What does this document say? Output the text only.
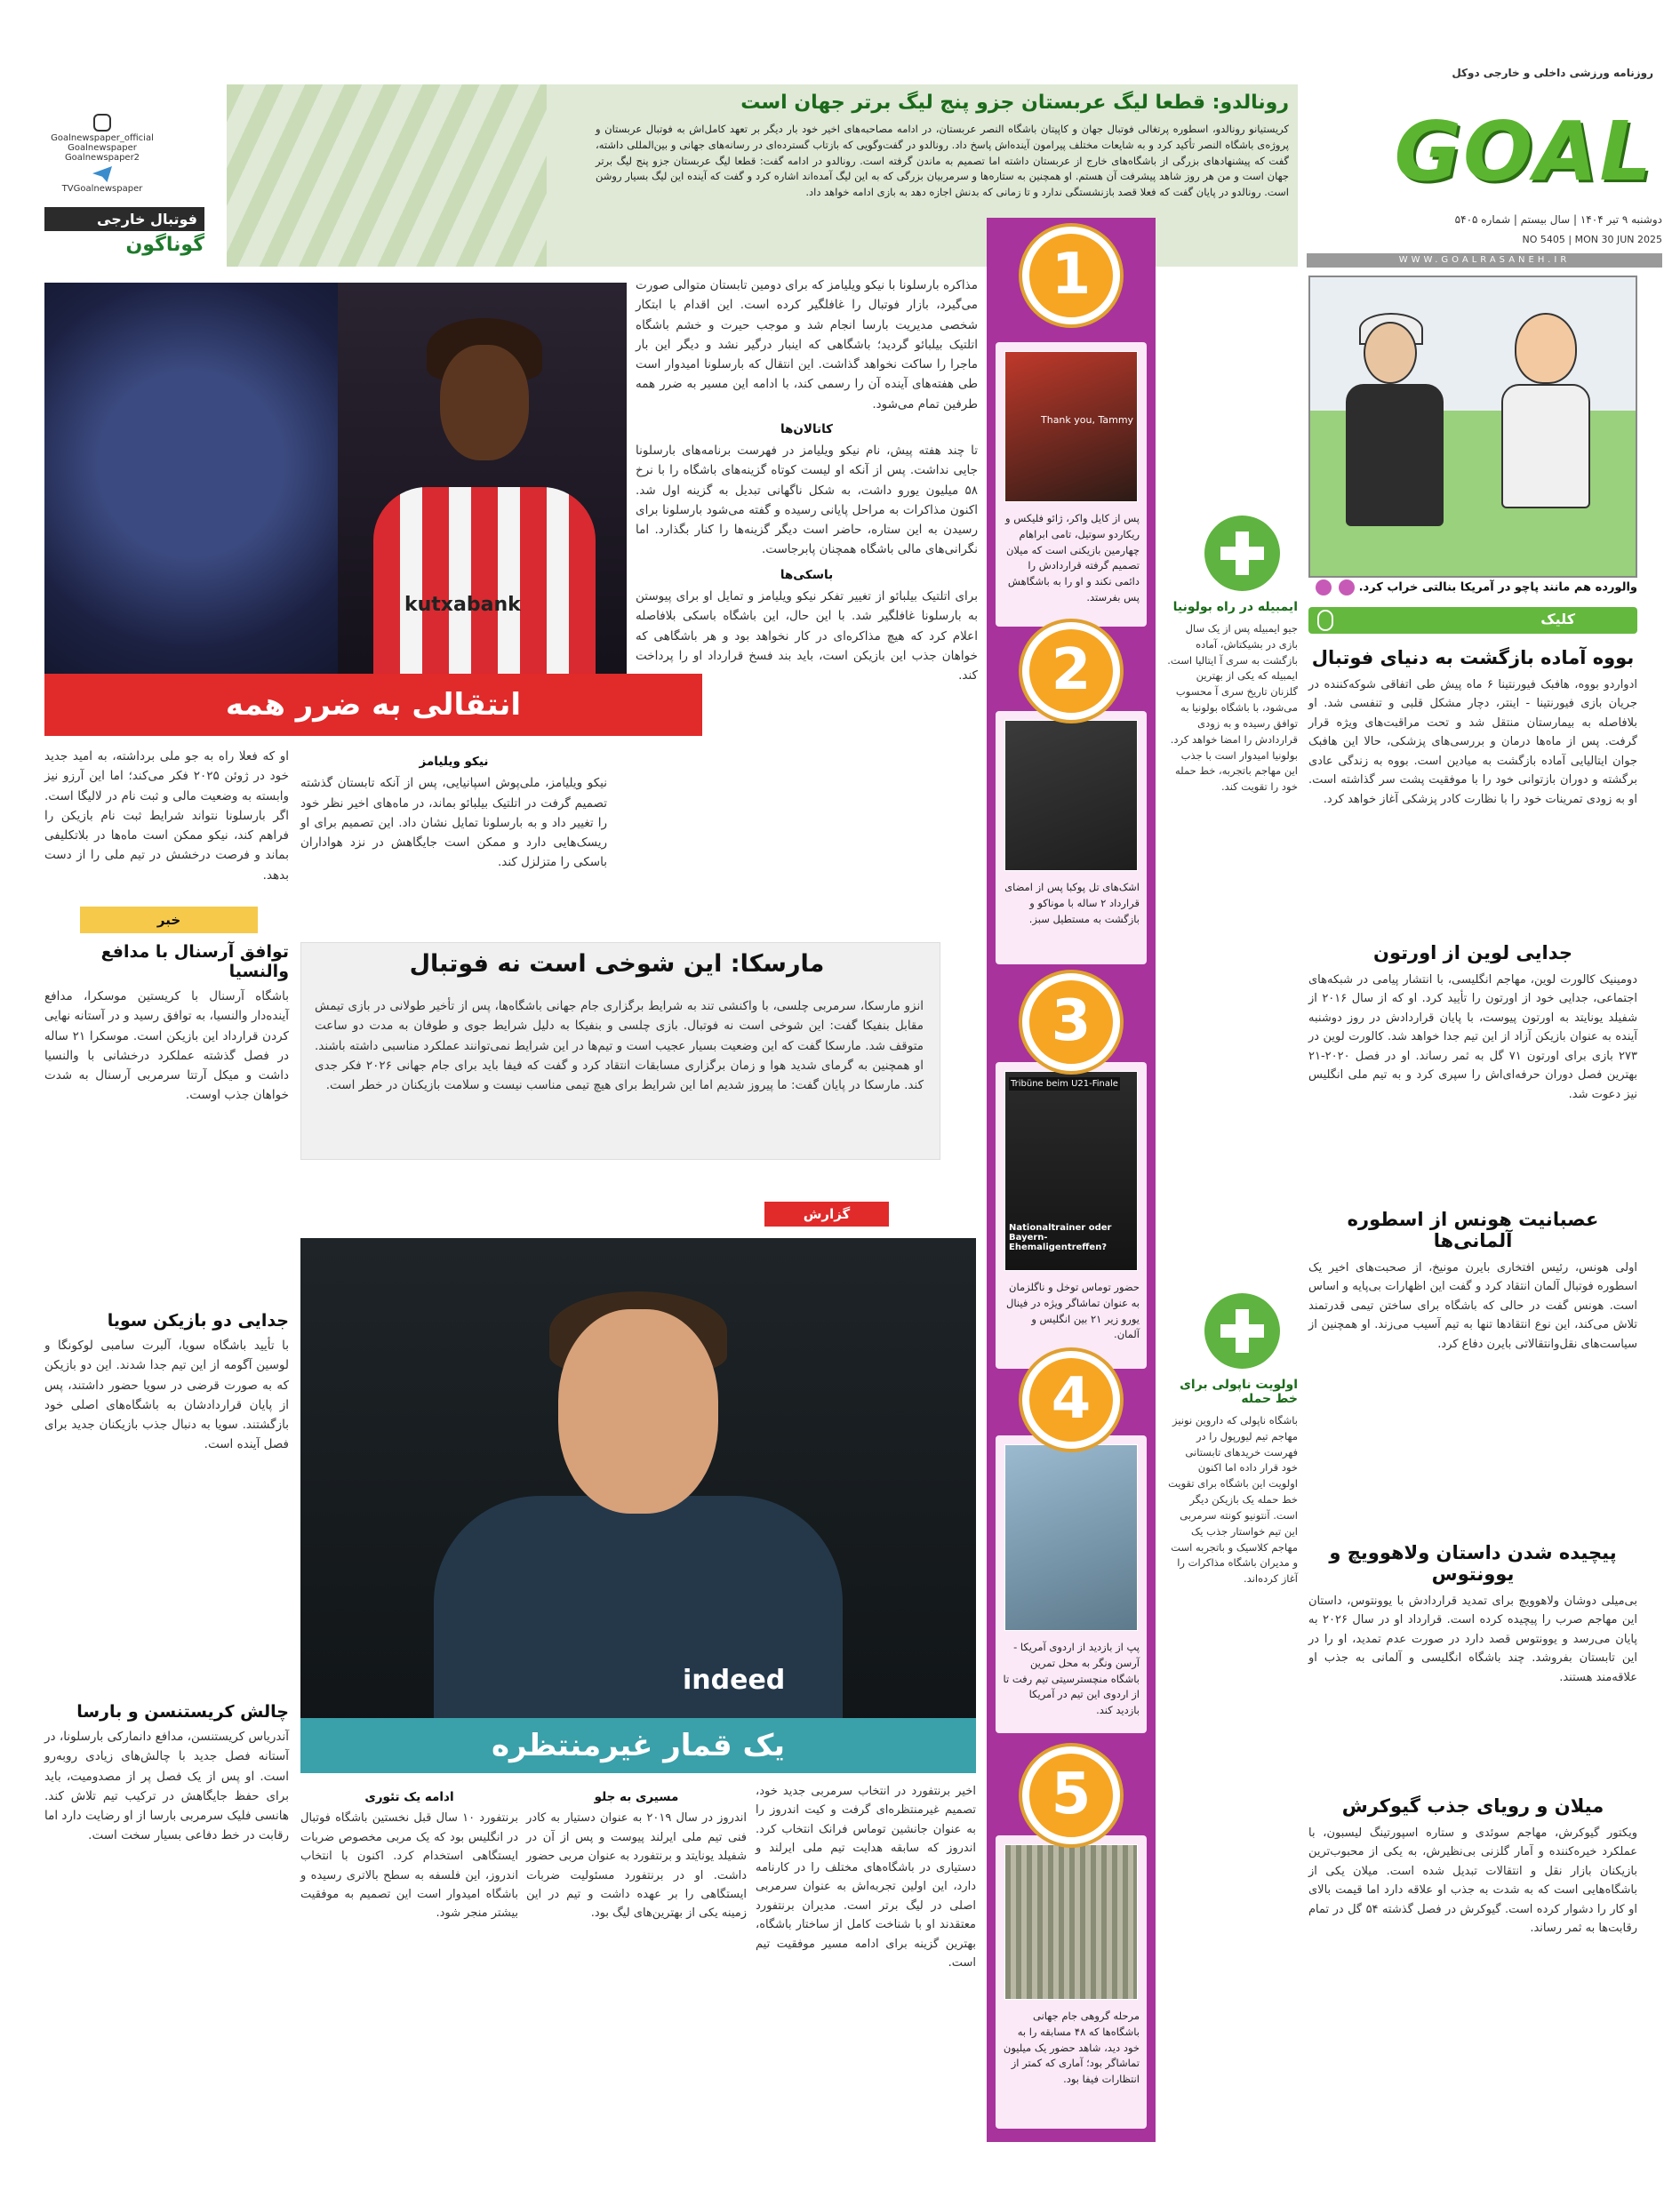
روزنامه ورزشی داخلی و خارجی دوکل
GOAL
دوشنبه ۹ تیر ۱۴۰۴ | سال بیستم | شماره ۵۴۰۵
NO 5405 | MON 30 JUN 2025
WWW.GOALRASANEH.IR
رونالدو: قطعا لیگ عربستان جزو پنج لیگ برتر جهان است
کریستیانو رونالدو، اسطوره پرتغالی فوتبال جهان و کاپیتان باشگاه النصر عربستان، در ادامه مصاحبه‌های اخیر خود بار دیگر بر تعهد کامل‌اش به فوتبال عربستان و پروژه‌ی باشگاه النصر تأکید کرد و به شایعات مختلف پیرامون آینده‌اش پاسخ داد. رونالدو در گفت‌وگویی که بازتاب گسترده‌ای در رسانه‌های جهانی و بین‌المللی داشته، گفت که پیشنهادهای بزرگی از باشگاه‌های خارج از عربستان داشته اما تصمیم به ماندن گرفته است. رونالدو در ادامه گفت: قطعا لیگ عربستان جزو پنج لیگ برتر جهان است و من هر روز شاهد پیشرفت آن هستم. او همچنین به ستاره‌ها و سرمربیان بزرگی که به این لیگ آمده‌اند اشاره کرد و گفت که آینده این لیگ بسیار روشن است. رونالدو در پایان گفت که فعلا قصد بازنشستگی ندارد و تا زمانی که بدنش اجازه دهد به بازی ادامه خواهد داد.
Goalnewspaper_official
Goalnewspaper
Goalnewspaper2
TVGoalnewspaper
فوتبال خارجی
گوناگون
والورده هم مانند پاچو در آمریکا بنالتی خراب کرد.
کلیک
بووه آماده بازگشت به دنیای فوتبال
ادواردو بووه، هافبک فیورنتینا ۶ ماه پیش طی اتفاقی شوکه‌کننده در جریان بازی فیورنتینا - اینتر، دچار مشکل قلبی و تنفسی شد. او بلافاصله به بیمارستان منتقل شد و تحت مراقبت‌های ویژه قرار گرفت. پس از ماه‌ها درمان و بررسی‌های پزشکی، حالا این هافبک جوان ایتالیایی آماده بازگشت به میادین است. بووه به زندگی عادی برگشته و دوران بازتوانی خود را با موفقیت پشت سر گذاشته است. او به زودی تمرینات خود را با نظارت کادر پزشکی آغاز خواهد کرد.
جدایی لوین از اورتون
دومینیک کالورت لوین، مهاجم انگلیسی، با انتشار پیامی در شبکه‌های اجتماعی، جدایی خود از اورتون را تأیید کرد. او که از سال ۲۰۱۶ از شفیلد یونایتد به اورتون پیوست، با پایان قراردادش در روز دوشنبه آینده به عنوان بازیکن آزاد از این تیم جدا خواهد شد. کالورت لوین در ۲۷۳ بازی برای اورتون ۷۱ گل به ثمر رساند. او در فصل ۲۰۲۰-۲۱ بهترین فصل دوران حرفه‌ای‌اش را سپری کرد و به تیم ملی انگلیس نیز دعوت شد.
عصبانیت هونس از اسطوره آلمانی‌ها
اولی هونس، رئیس افتخاری بایرن مونیخ، از صحبت‌های اخیر یک اسطوره فوتبال آلمان انتقاد کرد و گفت این اظهارات بی‌پایه و اساس است. هونس گفت در حالی که باشگاه برای ساختن تیمی قدرتمند تلاش می‌کند، این نوع انتقادها تنها به تیم آسیب می‌زند. او همچنین از سیاست‌های نقل‌وانتقالاتی بایرن دفاع کرد.
پیچیده شدن داستان ولاهوویچ و یوونتوس
بی‌میلی دوشان ولاهوویچ برای تمدید قراردادش با یوونتوس، داستان این مهاجم صرب را پیچیده کرده است. قرارداد او در سال ۲۰۲۶ به پایان می‌رسد و یوونتوس قصد دارد در صورت عدم تمدید، او را در این تابستان بفروشد. چند باشگاه انگلیسی و آلمانی به جذب او علاقه‌مند هستند.
میلان و رویای جذب گیوکرش
ویکتور گیوکرش، مهاجم سوئدی و ستاره اسپورتینگ لیسبون، با عملکرد خیره‌کننده و آمار گلزنی بی‌نظیرش، به یکی از محبوب‌ترین بازیکنان بازار نقل و انتقالات تبدیل شده است. میلان یکی از باشگاه‌هایی است که به شدت به جذب او علاقه دارد اما قیمت بالای او کار را دشوار کرده است. گیوکرش در فصل گذشته ۵۴ گل در تمام رقابت‌ها به ثمر رساند.
Thank you, Tammy
پس از کایل واکر، ژائو فلیکس و ریکاردو سوتیل، تامی ابراهام چهارمین بازیکنی است که میلان تصمیم گرفته قراردادش را دائمی نکند و او را به باشگاهش پس بفرستد.
1
اشک‌های تل پوکبا پس از امضای قرارداد ۲ ساله با موناکو و بازگشت به مستطیل سبز.
2
Tribüne beim U21-Finale
Nationaltrainer oder Bayern-Ehemaligentreffen?
حضور توماس توخل و ناگلزمان به عنوان تماشاگر ویژه در فینال یورو زیر ۲۱ بین انگلیس و آلمان.
3
پپ از بازدید از اردوی آمریکا - آرسن ونگر به محل تمرین باشگاه منچسترسیتی تیم رفت تا از اردوی این تیم در آمریکا بازدید کند.
4
مرحله گروهی جام جهانی باشگاه‌ها که ۴۸ مسابقه را به خود دید، شاهد حضور یک میلیون تماشاگر بود؛ آماری که کمتر از انتظارات فیفا بود.
5
ایمبیله در راه بولونیا
جیو ایمبیله پس از یک سال بازی در بشیکتاش، آماده بازگشت به سری آ ایتالیا است. ایمبیله که یکی از بهترین گلزنان تاریخ سری آ محسوب می‌شود، با باشگاه بولونیا به توافق رسیده و به زودی قراردادش را امضا خواهد کرد. بولونیا امیدوار است با جذب این مهاجم باتجربه، خط حمله خود را تقویت کند.
اولویت ناپولی برای خط حمله
باشگاه ناپولی که داروین نونیز مهاجم تیم لیورپول را در فهرست خریدهای تابستانی خود قرار داده اما اکنون اولویت این باشگاه برای تقویت خط حمله یک بازیکن دیگر است. آنتونیو کونته سرمربی این تیم خواستار جذب یک مهاجم کلاسیک و باتجربه است و مدیران باشگاه مذاکرات را آغاز کرده‌اند.
kutxabank
انتقالی به ضرر همه

مذاکره بارسلونا با نیکو ویلیامز که برای دومین تابستان متوالی صورت می‌گیرد، بازار فوتبال را غافلگیر کرده است. این اقدام با ابتکار شخصی مدیریت بارسا انجام شد و موجب حیرت و خشم باشگاه اتلتیک بیلبائو گردید؛ باشگاهی که اینبار درگیر نشد و دیگر این بار ماجرا را ساکت نخواهد گذاشت. این انتقال که بارسلونا امیدوار است طی هفته‌های آینده آن را رسمی کند، با ادامه این مسیر به ضرر همه طرفین تمام می‌شود.

کاتالان‌ها

تا چند هفته پیش، نام نیکو ویلیامز در فهرست برنامه‌های بارسلونا جایی نداشت. پس از آنکه او لیست کوتاه گزینه‌های باشگاه را با نرخ ۵۸ میلیون یورو داشت، به شکل ناگهانی تبدیل به گزینه اول شد. اکنون مذاکرات به مراحل پایانی رسیده و گفته می‌شود بارسلونا برای رسیدن به این ستاره، حاضر است دیگر گزینه‌ها را کنار بگذارد. اما نگرانی‌های مالی باشگاه همچنان پابرجاست.

باسکی‌ها

برای اتلتیک بیلبائو از تغییر تفکر نیکو ویلیامز و تمایل او برای پیوستن به بارسلونا غافلگیر شد. با این حال، این باشگاه باسکی بلافاصله اعلام کرد که هیچ مذاکره‌ای در کار نخواهد بود و هر باشگاهی که خواهان جذب این بازیکن است، باید بند فسخ قرارداد او را پرداخت کند.

نیکو ویلیامز

نیکو ویلیامز، ملی‌پوش اسپانیایی، پس از آنکه تابستان گذشته تصمیم گرفت در اتلتیک بیلبائو بماند، در ماه‌های اخیر نظر خود را تغییر داد و به بارسلونا تمایل نشان داد. این تصمیم برای او ریسک‌هایی دارد و ممکن است جایگاهش در نزد هواداران باسکی را متزلزل کند.

او که فعلا راه به جو ملی برداشته، به امید جدید خود در ژوئن ۲۰۲۵ فکر می‌کند؛ اما این آرزو نیز وابسته به وضعیت مالی و ثبت نام در لالیگا است. اگر بارسلونا نتواند شرایط ثبت نام بازیکن را فراهم کند، نیکو ممکن است ماه‌ها در بلاتکلیفی بماند و فرصت درخشش در تیم ملی را از دست بدهد.

مارسکا: این شوخی است نه فوتبال
انزو مارسکا، سرمربی چلسی، با واکنشی تند به شرایط برگزاری جام جهانی باشگاه‌ها، پس از تأخیر طولانی در بازی تیمش مقابل بنفیکا گفت: این شوخی است نه فوتبال. بازی چلسی و بنفیکا به دلیل شرایط جوی و طوفان به مدت دو ساعت متوقف شد. مارسکا گفت که این وضعیت بسیار عجیب است و تیم‌ها در این شرایط نمی‌توانند عملکرد مناسبی داشته باشند. او همچنین به گرمای شدید هوا و زمان برگزاری مسابقات انتقاد کرد و گفت که فیفا باید برای جام جهانی ۲۰۲۶ فکر جدی کند. مارسکا در پایان گفت: ما پیروز شدیم اما این شرایط برای هیچ تیمی مناسب نیست و سلامت بازیکنان در خطر است.
خبر
توافق آرسنال با مدافع والنسیا
باشگاه آرسنال با کریستین موسکرا، مدافع آینده‌دار والنسیا، به توافق رسید و در آستانه نهایی کردن قرارداد این بازیکن است. موسکرا ۲۱ ساله در فصل گذشته عملکرد درخشانی با والنسیا داشت و میکل آرتتا سرمربی آرسنال به شدت خواهان جذب اوست.
جدایی دو بازیکن سویا
با تأیید باشگاه سویا، آلبرت سامبی لوکونگا و لوسین آگومه از این تیم جدا شدند. این دو بازیکن که به صورت قرضی در سویا حضور داشتند، پس از پایان قراردادشان به باشگاه‌های اصلی خود بازگشتند. سویا به دنبال جذب بازیکنان جدید برای فصل آینده است.
چالش کریستنسن و بارسا
آندریاس کریستنسن، مدافع دانمارکی بارسلونا، در آستانه فصل جدید با چالش‌های زیادی روبه‌رو است. او پس از یک فصل پر از مصدومیت، باید برای حفظ جایگاهش در ترکیب تیم تلاش کند. هانسی فلیک سرمربی بارسا از او رضایت دارد اما رقابت در خط دفاعی بسیار سخت است.
گزارش
indeed
یک قمار غیرمنتظره

اخیر برنتفورد در انتخاب سرمربی جدید خود، تصمیم غیرمنتظره‌ای گرفت و کیت اندروز را به عنوان جانشین توماس فرانک انتخاب کرد. اندروز که سابقه هدایت تیم ملی ایرلند و دستیاری در باشگاه‌های مختلف را در کارنامه دارد، این اولین تجربه‌اش به عنوان سرمربی اصلی در لیگ برتر است. مدیران برنتفورد معتقدند او با شناخت کامل از ساختار باشگاه، بهترین گزینه برای ادامه مسیر موفقیت تیم است.

مسیری به جلو

اندروز در سال ۲۰۱۹ به عنوان دستیار به کادر فنی تیم ملی ایرلند پیوست و پس از آن در شفیلد یونایتد و برنتفورد به عنوان مربی حضور داشت. او در برنتفورد مسئولیت ضربات ایستگاهی را بر عهده داشت و تیم در این زمینه یکی از بهترین‌های لیگ بود.

ادامه یک تئوری

برنتفورد ۱۰ سال قبل نخستین باشگاه فوتبال در انگلیس بود که یک مربی مخصوص ضربات ایستگاهی استخدام کرد. اکنون با انتخاب اندروز، این فلسفه به سطح بالاتری رسیده و باشگاه امیدوار است این تصمیم به موفقیت بیشتر منجر شود.
